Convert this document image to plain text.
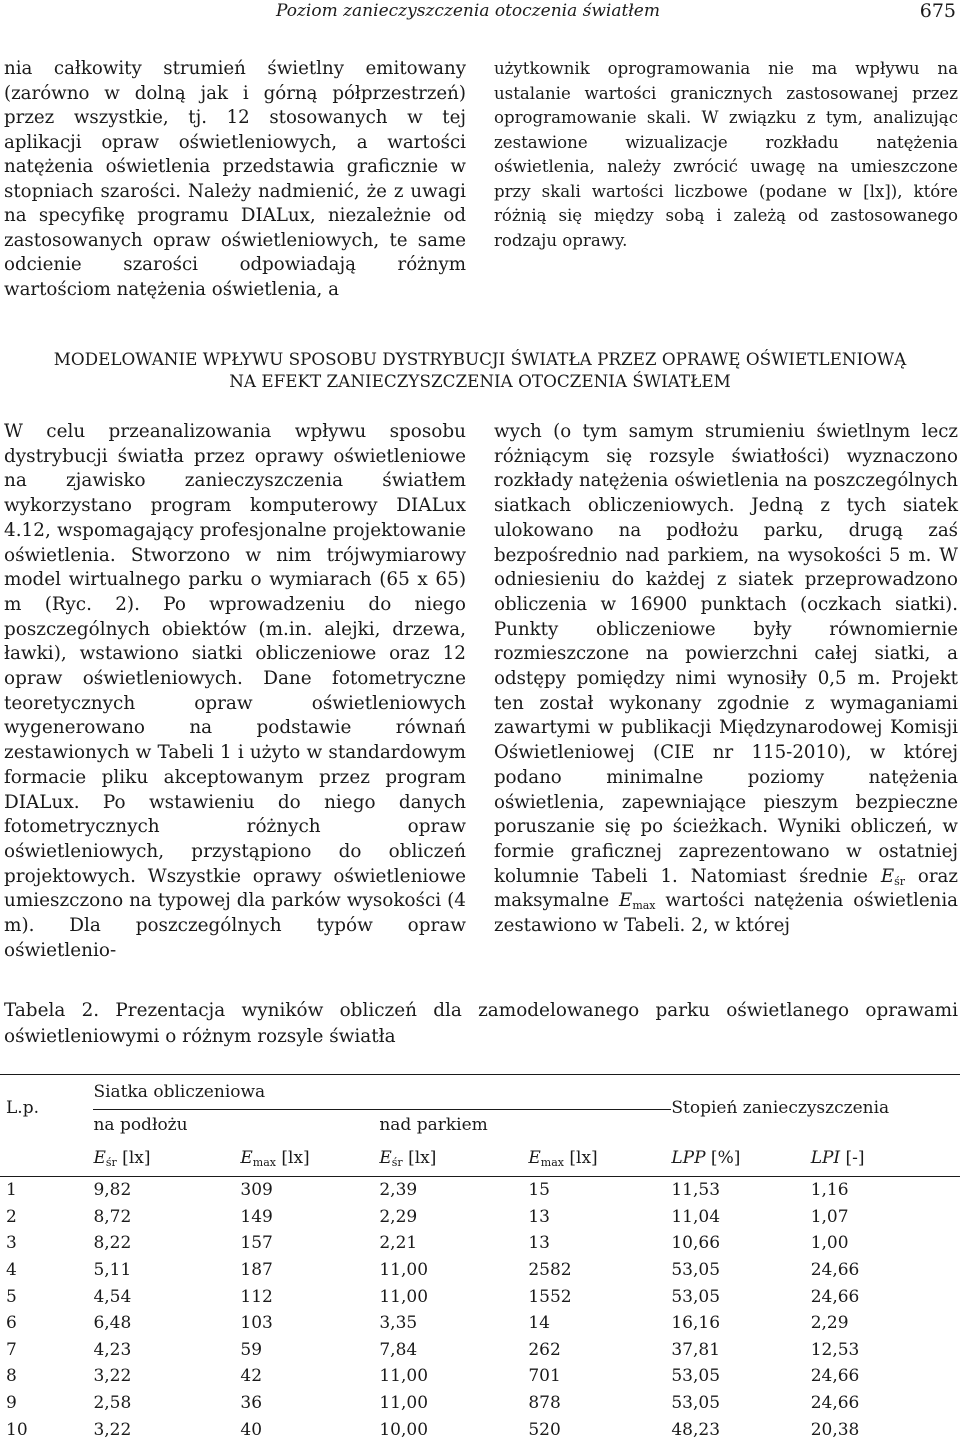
Poziom zanieczyszczenia otoczenia światłem	675

nia całkowity strumień świetlny emitowany (zarówno w dolną jak i górną półprzestrzeń) przez wszystkie, tj. 12 stosowanych w tej aplikacji opraw oświetleniowych, a wartości natężenia oświetlenia przedstawia graficznie w stopniach szarości. Należy nadmienić, że z uwagi na specyfikę programu DIALux, niezależnie od zastosowanych opraw oświetleniowych, te same odcienie szarości odpowiadają różnym wartościom natężenia oświetlenia, a

użytkownik oprogramowania nie ma wpływu na ustalanie wartości granicznych zastosowanej przez oprogramowanie skali. W związku z tym, analizując zestawione wizualizacje rozkładu natężenia oświetlenia, należy zwrócić uwagę na umieszczone przy skali wartości liczbowe (podane w [lx]), które różnią się między sobą i zależą od zastosowanego rodzaju oprawy.

MODELOWANIE WPŁYWU SPOSOBU DYSTRYBUCJI ŚWIATŁA PRZEZ OPRAWĘ OŚWIETLENIOWĄ
NA EFEKT ZANIECZYSZCZENIA OTOCZENIA ŚWIATŁEM

W celu przeanalizowania wpływu sposobu dystrybucji światła przez oprawy oświetleniowe na zjawisko zanieczyszczenia światłem wykorzystano program komputerowy DIALux 4.12, wspomagający profesjonalne projektowanie oświetlenia. Stworzono w nim trójwymiarowy model wirtualnego parku o wymiarach (65 x 65) m (Ryc. 2). Po wprowadzeniu do niego poszczególnych obiektów (m.in. alejki, drzewa, ławki), wstawiono siatki obliczeniowe oraz 12 opraw oświetleniowych. Dane fotometryczne teoretycznych opraw oświetleniowych wygenerowano na podstawie równań zestawionych w Tabeli 1 i użyto w standardowym formacie pliku akceptowanym przez program DIALux. Po wstawieniu do niego danych fotometrycznych różnych opraw oświetleniowych, przystąpiono do obliczeń projektowych. Wszystkie oprawy oświetleniowe umieszczono na typowej dla parków wysokości (4 m). Dla poszczególnych typów opraw oświetlenio-

wych (o tym samym strumieniu świetlnym lecz różniącym się rozsyle światłości) wyznaczono rozkłady natężenia oświetlenia na poszczególnych siatkach obliczeniowych. Jedną z tych siatek ulokowano na podłożu parku, drugą zaś bezpośrednio nad parkiem, na wysokości 5 m. W odniesieniu do każdej z siatek przeprowadzono obliczenia w 16900 punktach (oczkach siatki). Punkty obliczeniowe były równomiernie rozmieszczone na powierzchni całej siatki, a odstępy pomiędzy nimi wynosiły 0,5 m. Projekt ten został wykonany zgodnie z wymaganiami zawartymi w publikacji Międzynarodowej Komisji Oświetleniowej (CIE nr 115-2010), w której podano minimalne poziomy natężenia oświetlenia, zapewniające pieszym bezpieczne poruszanie się po ścieżkach. Wyniki obliczeń, w formie graficznej zaprezentowano w ostatniej kolumnie Tabeli 1. Natomiast średnie $E_{śr}$ oraz maksymalne $E_{max}$ wartości natężenia oświetlenia zestawiono w Tabeli. 2, w której

Tabela 2. Prezentacja wyników obliczeń dla zamodelowanego parku oświetlanego oprawami oświetleniowymi o różnym rozsyle światła
L.p.	Siatka obliczeniowa				Stopień zanieczyszczenia	
	na podłożu		nad parkiem			
	$E_{śr}$ [lx]	$E_{max}$ [lx]	$E_{śr}$ [lx]	$E_{max}$ [lx]	LPP [%]	LPI [-]
1	9,82	309	2,39	15	11,53	1,16
2	8,72	149	2,29	13	11,04	1,07
3	8,22	157	2,21	13	10,66	1,00
4	5,11	187	11,00	2582	53,05	24,66
5	4,54	112	11,00	1552	53,05	24,66
6	6,48	103	3,35	14	16,16	2,29
7	4,23	59	7,84	262	37,81	12,53
8	3,22	42	11,00	701	53,05	24,66
9	2,58	36	11,00	878	53,05	24,66
10	3,22	40	10,00	520	48,23	20,38
